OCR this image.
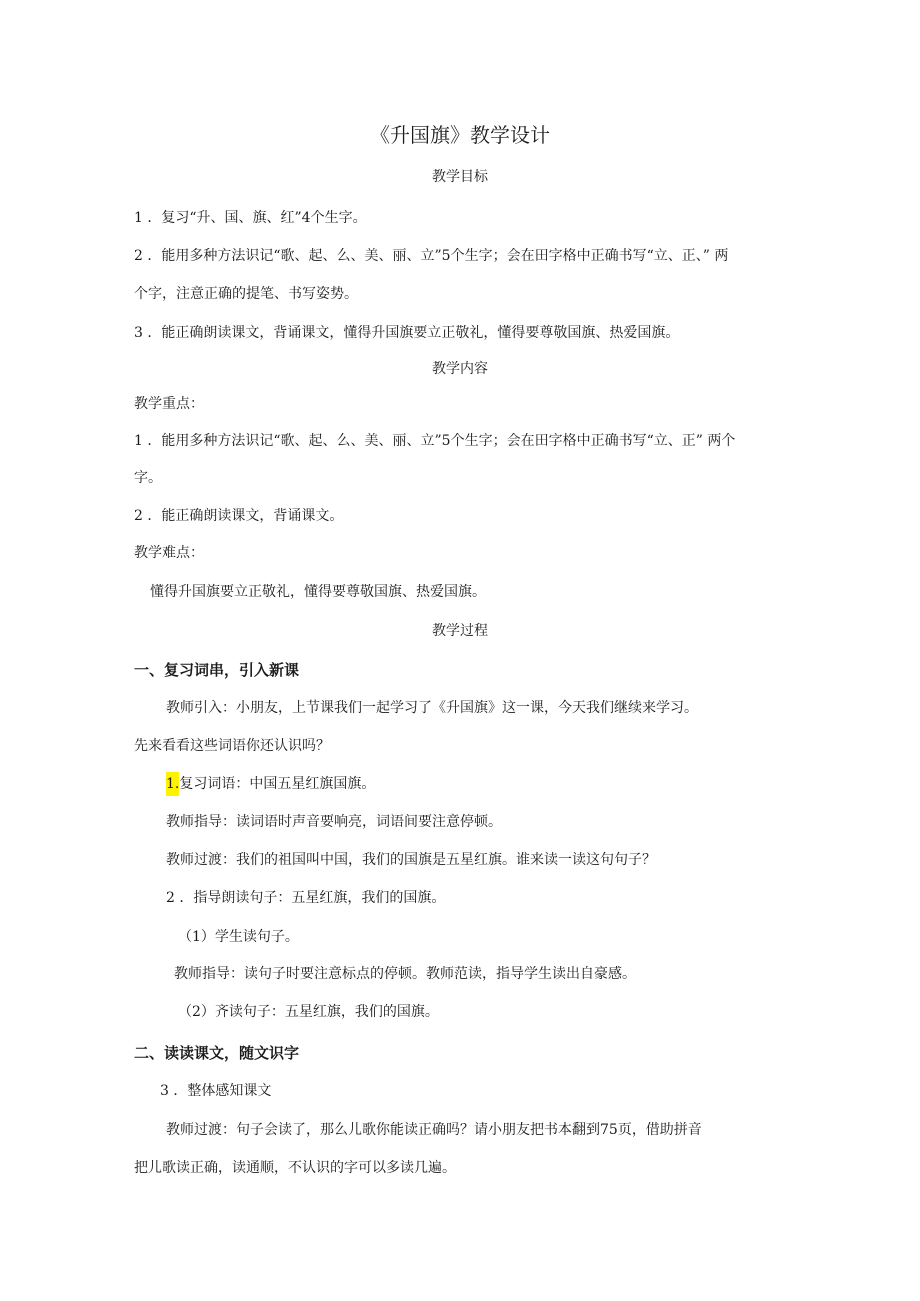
《升国旗》教学设计
教学目标
1 ．复习“升、国、旗、红”4个生字。
2 ．能用多种方法识记“歌、起、么、美、丽、立”5个生字；会在田字格中正确书写“立、正、” 两
个字，注意正确的提笔、书写姿势。
3 ．能正确朗读课文，背诵课文，懂得升国旗要立正敬礼，懂得要尊敬国旗、热爱国旗。
教学内容
教学重点：
1 ．能用多种方法识记“歌、起、么、美、丽、立”5个生字；会在田字格中正确书写“立、正” 两个
字。
2 ．能正确朗读课文，背诵课文。
教学难点：
懂得升国旗要立正敬礼，懂得要尊敬国旗、热爱国旗。
教学过程
一、复习词串，引入新课
教师引入：小朋友，上节课我们一起学习了《升国旗》这一课，今天我们继续来学习。
先来看看这些词语你还认识吗？
1.复习词语：中国五星红旗国旗。
教师指导：读词语时声音要响亮，词语间要注意停顿。
教师过渡：我们的祖国叫中国，我们的国旗是五星红旗。谁来读一读这句句子？
2 ．指导朗读句子：五星红旗，我们的国旗。
（1）学生读句子。
教师指导：读句子时要注意标点的停顿。教师范读，指导学生读出自豪感。
（2）齐读句子：五星红旗，我们的国旗。
二、读读课文，随文识字
3 ．整体感知课文
教师过渡：句子会读了，那么儿歌你能读正确吗？请小朋友把书本翻到75页，借助拼音
把儿歌读正确，读通顺，不认识的字可以多读几遍。
